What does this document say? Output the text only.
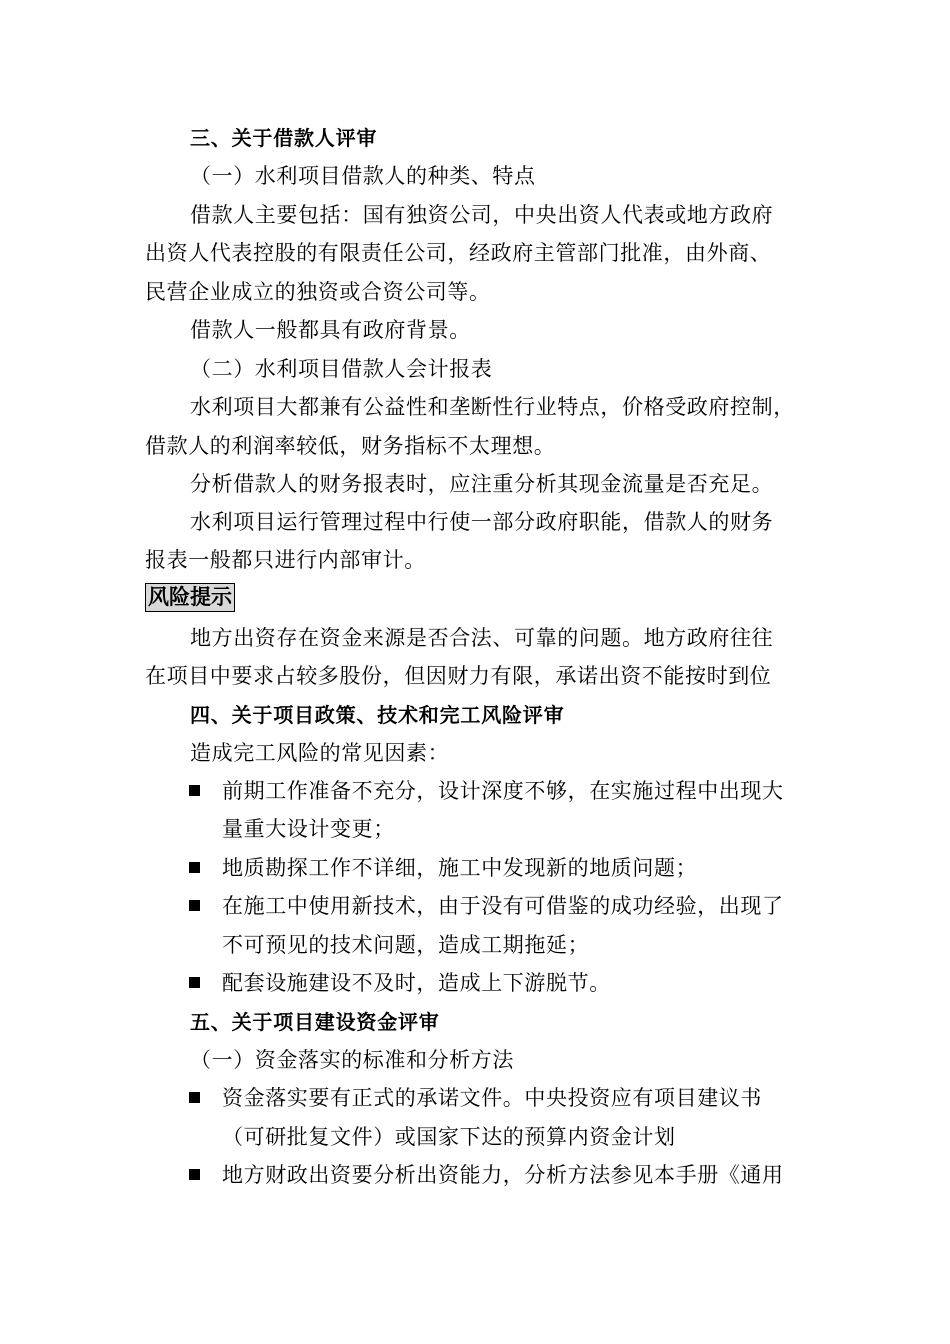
三、关于借款人评审
（一）水利项目借款人的种类、特点
借款人主要包括：国有独资公司，中央出资人代表或地方政府
出资人代表控股的有限责任公司，经政府主管部门批准，由外商、
民营企业成立的独资或合资公司等。
借款人一般都具有政府背景。
（二）水利项目借款人会计报表
水利项目大都兼有公益性和垄断性行业特点，价格受政府控制，
借款人的利润率较低，财务指标不太理想。
分析借款人的财务报表时，应注重分析其现金流量是否充足。
水利项目运行管理过程中行使一部分政府职能，借款人的财务
报表一般都只进行内部审计。
风险提示
地方出资存在资金来源是否合法、可靠的问题。地方政府往往
在项目中要求占较多股份，但因财力有限，承诺出资不能按时到位
四、关于项目政策、技术和完工风险评审
造成完工风险的常见因素：
前期工作准备不充分，设计深度不够，在实施过程中出现大
量重大设计变更；
地质勘探工作不详细，施工中发现新的地质问题；
在施工中使用新技术，由于没有可借鉴的成功经验，出现了
不可预见的技术问题，造成工期拖延；
配套设施建设不及时，造成上下游脱节。
五、关于项目建设资金评审
（一）资金落实的标准和分析方法
资金落实要有正式的承诺文件。中央投资应有项目建议书
（可研批复文件）或国家下达的预算内资金计划
地方财政出资要分析出资能力，分析方法参见本手册《通用
